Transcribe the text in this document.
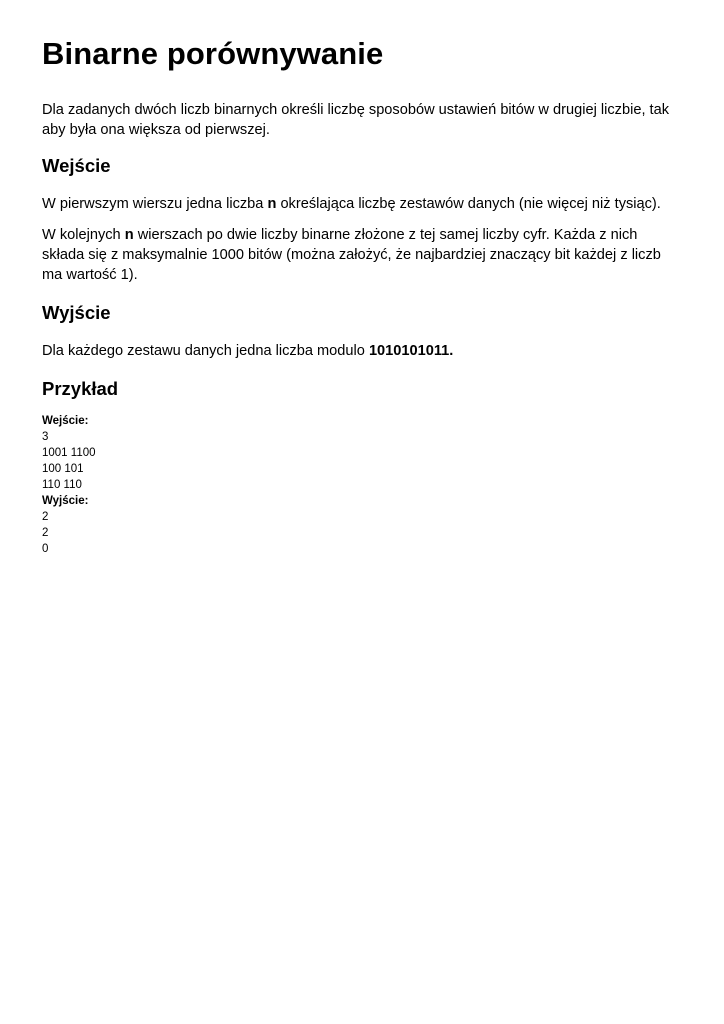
Binarne porównywanie

Dla zadanych dwóch liczb binarnych określi liczbę sposobów ustawień bitów w drugiej liczbie, tak aby była ona większa od pierwszej.

Wejście

W pierwszym wierszu jedna liczba n określająca liczbę zestawów danych (nie więcej niż tysiąc).

W kolejnych n wierszach po dwie liczby binarne złożone z tej samej liczby cyfr. Każda z nich składa się z maksymalnie 1000 bitów (można założyć, że najbardziej znaczący bit każdej z liczb ma wartość 1).

Wyjście

Dla każdego zestawu danych jedna liczba modulo 1010101011.

Przykład
Wejście:
3
1001 1100
100 101
110 110
Wyjście:
2
2
0
